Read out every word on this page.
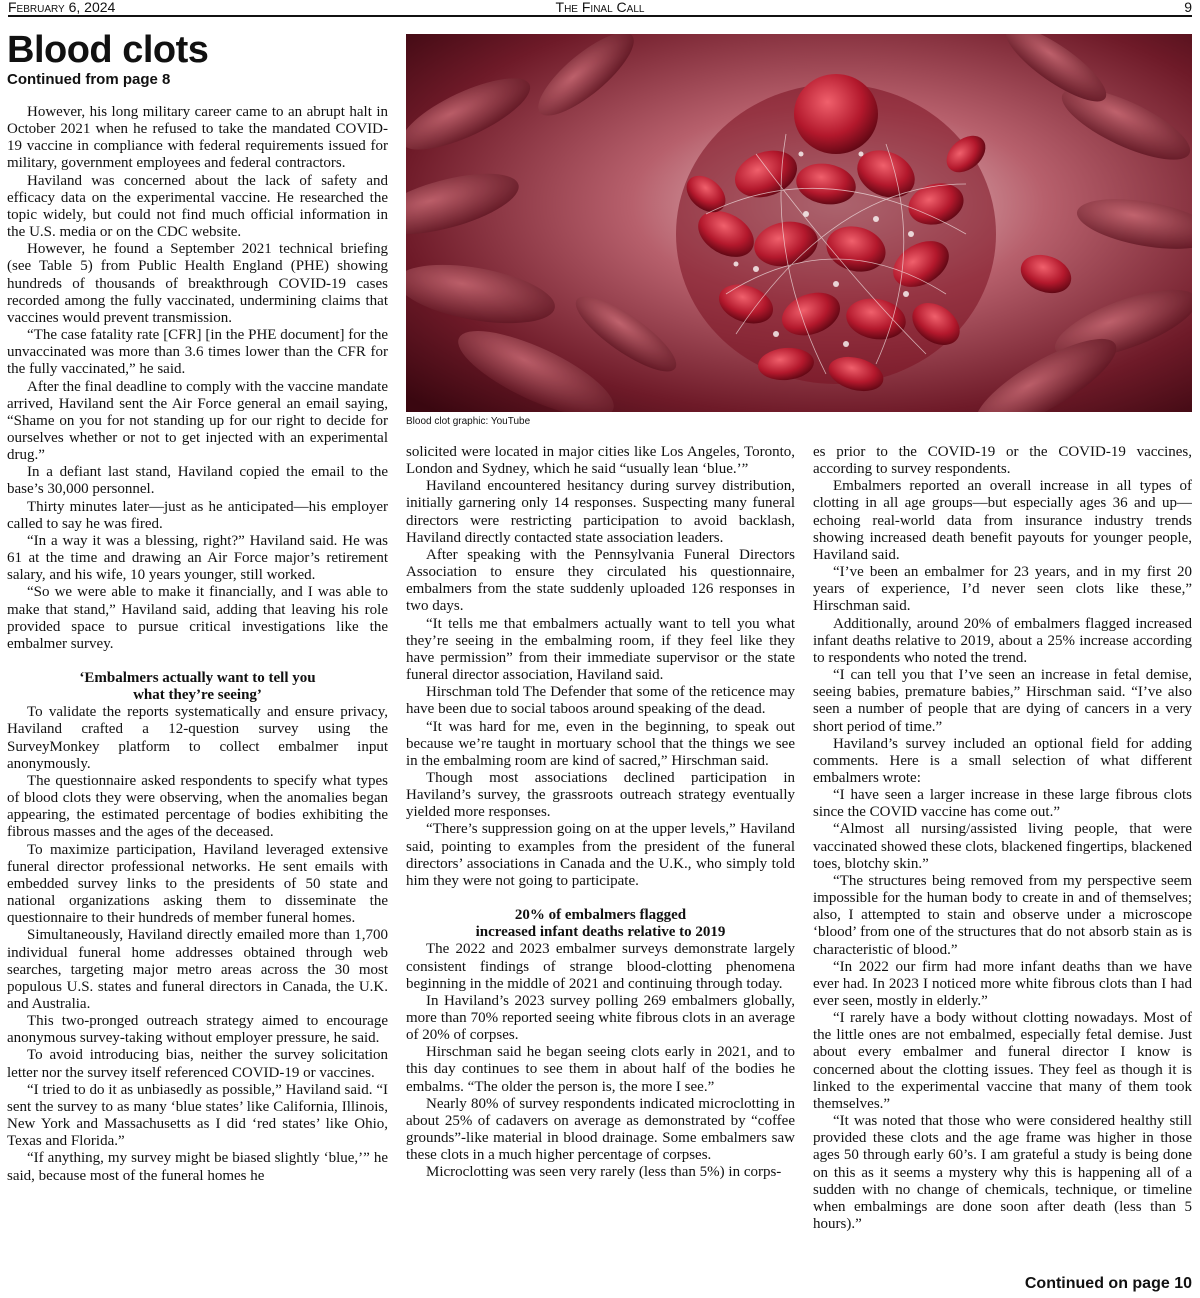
February 6, 2024	The Final Call	9
Blood clots
Continued from page 8

However, his long military career came to an abrupt halt in October 2021 when he refused to take the mandated COVID-19 vaccine in compliance with federal requirements issued for military, government employees and federal contractors.

Haviland was concerned about the lack of safety and efficacy data on the experimental vaccine. He researched the topic widely, but could not find much official information in the U.S. media or on the CDC website.

However, he found a September 2021 technical briefing (see Table 5) from Public Health England (PHE) showing hundreds of thousands of breakthrough COVID-19 cases recorded among the fully vaccinated, undermining claims that vaccines would prevent transmission.

“The case fatality rate [CFR] [in the PHE document] for the unvaccinated was more than 3.6 times lower than the CFR for the fully vaccinated,” he said.

After the final deadline to comply with the vaccine mandate arrived, Haviland sent the Air Force general an email saying, “Shame on you for not standing up for our right to decide for ourselves whether or not to get injected with an experimental drug.”

In a defiant last stand, Haviland copied the email to the base’s 30,000 personnel.

Thirty minutes later—just as he anticipated—his employer called to say he was fired.

“In a way it was a blessing, right?” Haviland said. He was 61 at the time and drawing an Air Force major’s retirement salary, and his wife, 10 years younger, still worked.

“So we were able to make it financially, and I was able to make that stand,” Haviland said, adding that leaving his role provided space to pursue critical investigations like the embalmer survey.

‘Embalmers actually want to tell you
what they’re seeing’

To validate the reports systematically and ensure privacy, Haviland crafted a 12-question survey using the SurveyMonkey platform to collect embalmer input anonymously.

The questionnaire asked respondents to specify what types of blood clots they were observing, when the anomalies began appearing, the estimated percentage of bodies exhibiting the fibrous masses and the ages of the deceased.

To maximize participation, Haviland leveraged extensive funeral director professional networks. He sent emails with embedded survey links to the presidents of 50 state and national organizations asking them to disseminate the questionnaire to their hundreds of member funeral homes.

Simultaneously, Haviland directly emailed more than 1,700 individual funeral home addresses obtained through web searches, targeting major metro areas across the 30 most populous U.S. states and funeral directors in Canada, the U.K. and Australia.

This two-pronged outreach strategy aimed to encourage anonymous survey-taking without employer pressure, he said.

To avoid introducing bias, neither the survey solicitation letter nor the survey itself referenced COVID-19 or vaccines.

“I tried to do it as unbiasedly as possible,” Haviland said. “I sent the survey to as many ‘blue states’ like California, Illinois, New York and Massachusetts as I did ‘red states’ like Ohio, Texas and Florida.”

“If anything, my survey might be biased slightly ‘blue,’” he said, because most of the funeral homes he

Blood clot graphic: YouTube

solicited were located in major cities like Los Angeles, Toronto, London and Sydney, which he said “usually lean ‘blue.’”

Haviland encountered hesitancy during survey distribution, initially garnering only 14 responses. Suspecting many funeral directors were restricting participation to avoid backlash, Haviland directly contacted state association leaders.

After speaking with the Pennsylvania Funeral Directors Association to ensure they circulated his questionnaire, embalmers from the state suddenly uploaded 126 responses in two days.

“It tells me that embalmers actually want to tell you what they’re seeing in the embalming room, if they feel like they have permission” from their immediate supervisor or the state funeral director association, Haviland said.

Hirschman told The Defender that some of the reticence may have been due to social taboos around speaking of the dead.

“It was hard for me, even in the beginning, to speak out because we’re taught in mortuary school that the things we see in the embalming room are kind of sacred,” Hirschman said.

Though most associations declined participation in Haviland’s survey, the grassroots outreach strategy eventually yielded more responses.

“There’s suppression going on at the upper levels,” Haviland said, pointing to examples from the president of the funeral directors’ associations in Canada and the U.K., who simply told him they were not going to participate.

20% of embalmers flagged
increased infant deaths relative to 2019

The 2022 and 2023 embalmer surveys demonstrate largely consistent findings of strange blood-clotting phenomena beginning in the middle of 2021 and continuing through today.

In Haviland’s 2023 survey polling 269 embalmers globally, more than 70% reported seeing white fibrous clots in an average of 20% of corpses.

Hirschman said he began seeing clots early in 2021, and to this day continues to see them in about half of the bodies he embalms. “The older the person is, the more I see.”

Nearly 80% of survey respondents indicated microclotting in about 25% of cadavers on average as demonstrated by “coffee grounds”-like material in blood drainage. Some embalmers saw these clots in a much higher percentage of corpses.

Microclotting was seen very rarely (less than 5%) in corps-

es prior to the COVID-19 or the COVID-19 vaccines, according to survey respondents.

Embalmers reported an overall increase in all types of clotting in all age groups—but especially ages 36 and up—echoing real-world data from insurance industry trends showing increased death benefit payouts for younger people, Haviland said.

“I’ve been an embalmer for 23 years, and in my first 20 years of experience, I’d never seen clots like these,” Hirschman said.

Additionally, around 20% of embalmers flagged increased infant deaths relative to 2019, about a 25% increase according to respondents who noted the trend.

“I can tell you that I’ve seen an increase in fetal demise, seeing babies, premature babies,” Hirschman said. “I’ve also seen a number of people that are dying of cancers in a very short period of time.”

Haviland’s survey included an optional field for adding comments. Here is a small selection of what different embalmers wrote:

“I have seen a larger increase in these large fibrous clots since the COVID vaccine has come out.”

“Almost all nursing/assisted living people, that were vaccinated showed these clots, blackened fingertips, blackened toes, blotchy skin.”

“The structures being removed from my perspective seem impossible for the human body to create in and of themselves; also, I attempted to stain and observe under a microscope ‘blood’ from one of the structures that do not absorb stain as is characteristic of blood.”

“In 2022 our firm had more infant deaths than we have ever had. In 2023 I noticed more white fibrous clots than I had ever seen, mostly in elderly.”

“I rarely have a body without clotting nowadays. Most of the little ones are not embalmed, especially fetal demise. Just about every embalmer and funeral director I know is concerned about the clotting issues. They feel as though it is linked to the experimental vaccine that many of them took themselves.”

“It was noted that those who were considered healthy still provided these clots and the age frame was higher in those ages 50 through early 60’s. I am grateful a study is being done on this as it seems a mystery why this is happening all of a sudden with no change of chemicals, technique, or timeline when embalmings are done soon after death (less than 5 hours).”

Continued on page 10
